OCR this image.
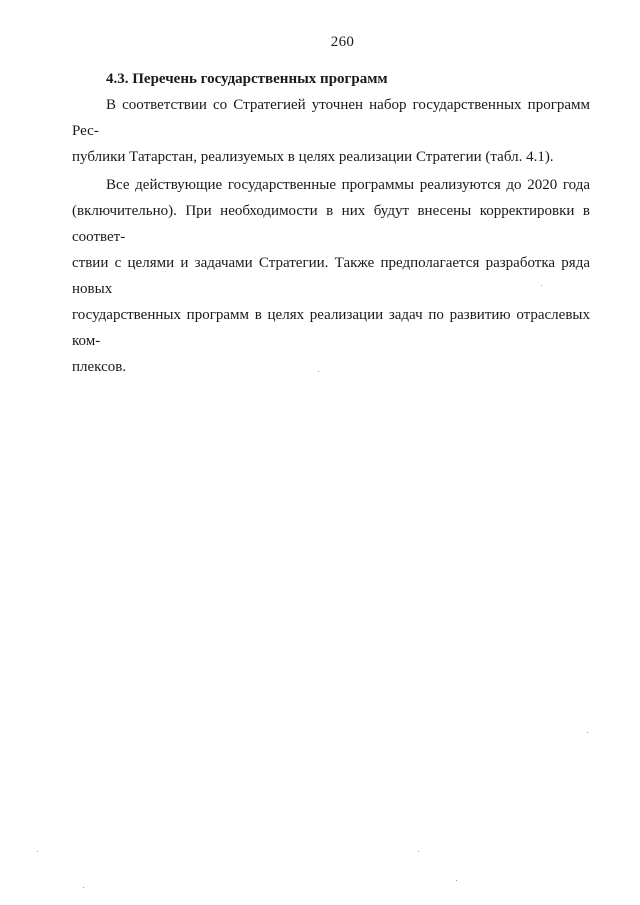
260
4.3. Перечень государственных программ

В соответствии со Стратегией уточнен набор государственных программ Рес-
публики Татарстан, реализуемых в целях реализации Стратегии (табл. 4.1).

Все действующие государственные программы реализуются до 2020 года
(включительно). При необходимости в них будут внесены корректировки в соответ-
ствии с целями и задачами Стратегии. Также предполагается разработка ряда новых
государственных программ в целях реализации задач по развитию отраслевых ком-
плексов.
